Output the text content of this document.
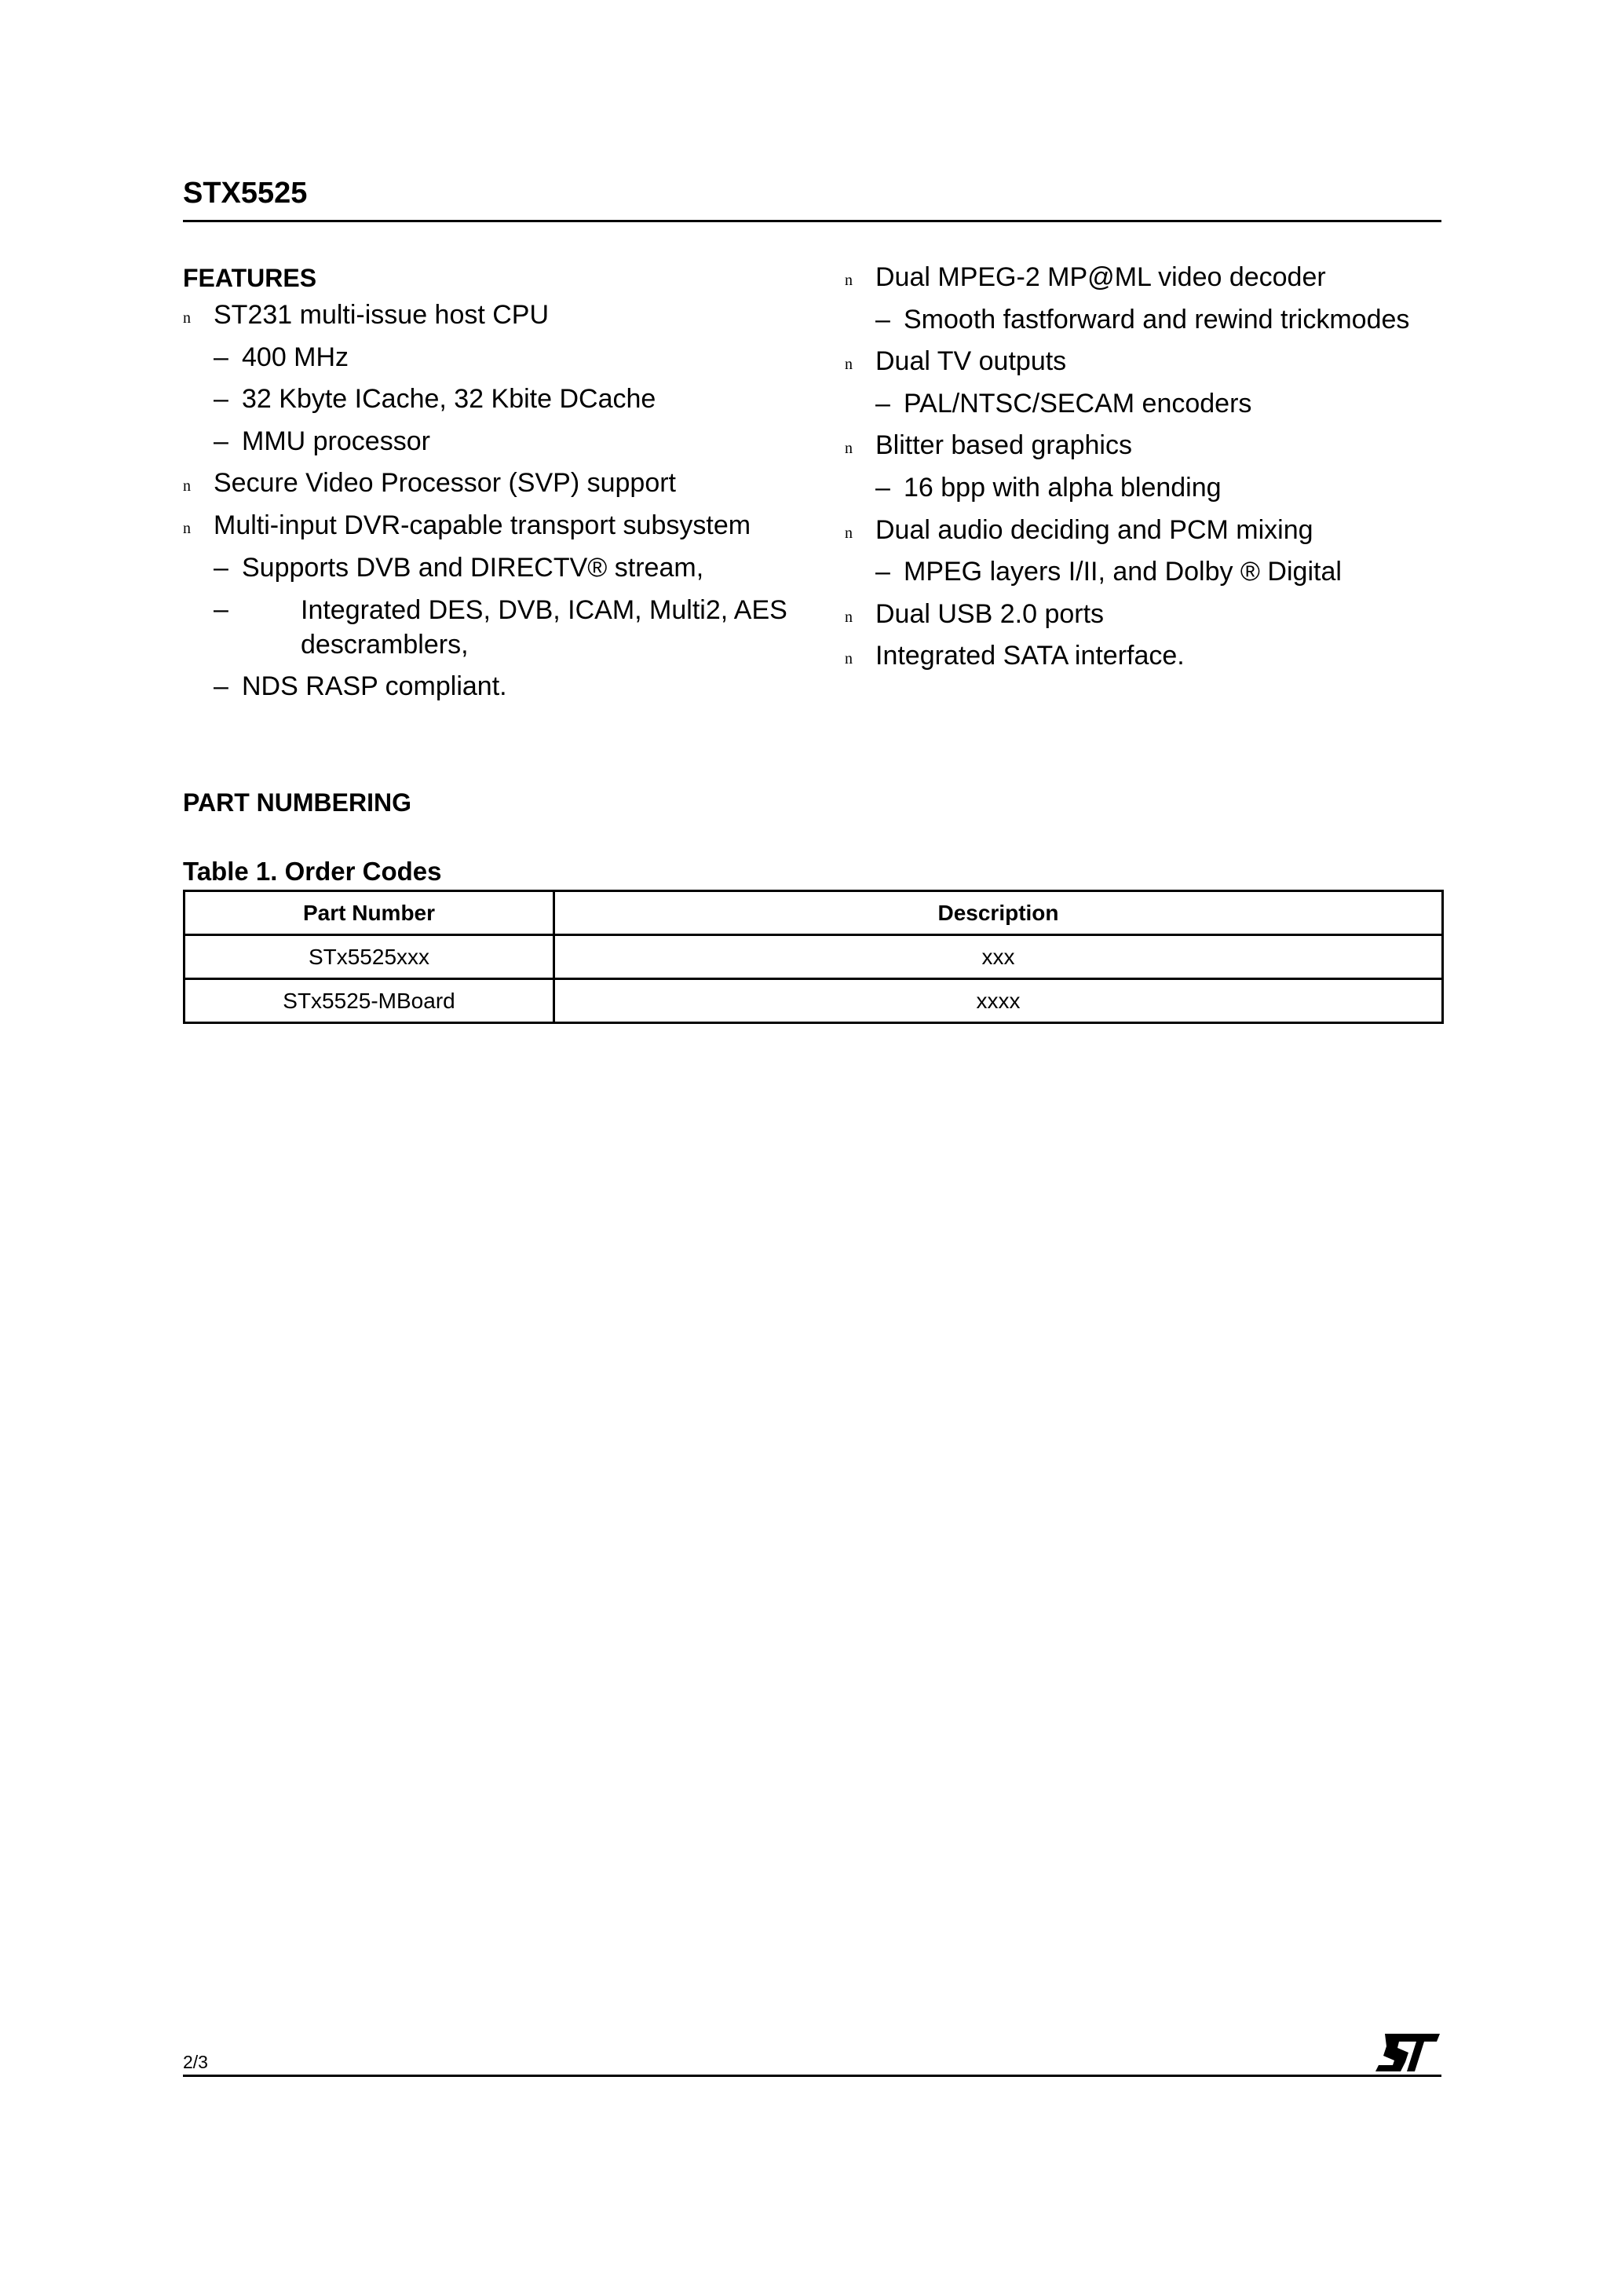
STX5525
FEATURES
n ST231 multi-issue host CPU
– 400 MHz
– 32 Kbyte ICache, 32 Kbite DCache
– MMU processor
n Secure Video Processor (SVP) support
n Multi-input DVR-capable transport subsystem
– Supports DVB and DIRECTV® stream,
–	Integrated DES, DVB, ICAM, Multi2, AES descramblers,
– NDS RASP compliant.
n Dual MPEG-2 MP@ML video decoder
– Smooth fastforward and rewind trickmodes
n Dual TV outputs
– PAL/NTSC/SECAM encoders
n Blitter based graphics
– 16 bpp with alpha blending
n Dual audio deciding and PCM mixing
– MPEG layers I/II, and Dolby ® Digital
n Dual USB 2.0 ports
n Integrated SATA interface.
PART NUMBERING
Table 1. Order Codes
Part Number	Description
STx5525xxx	xxx
STx5525-MBoard	xxxx
2/3
